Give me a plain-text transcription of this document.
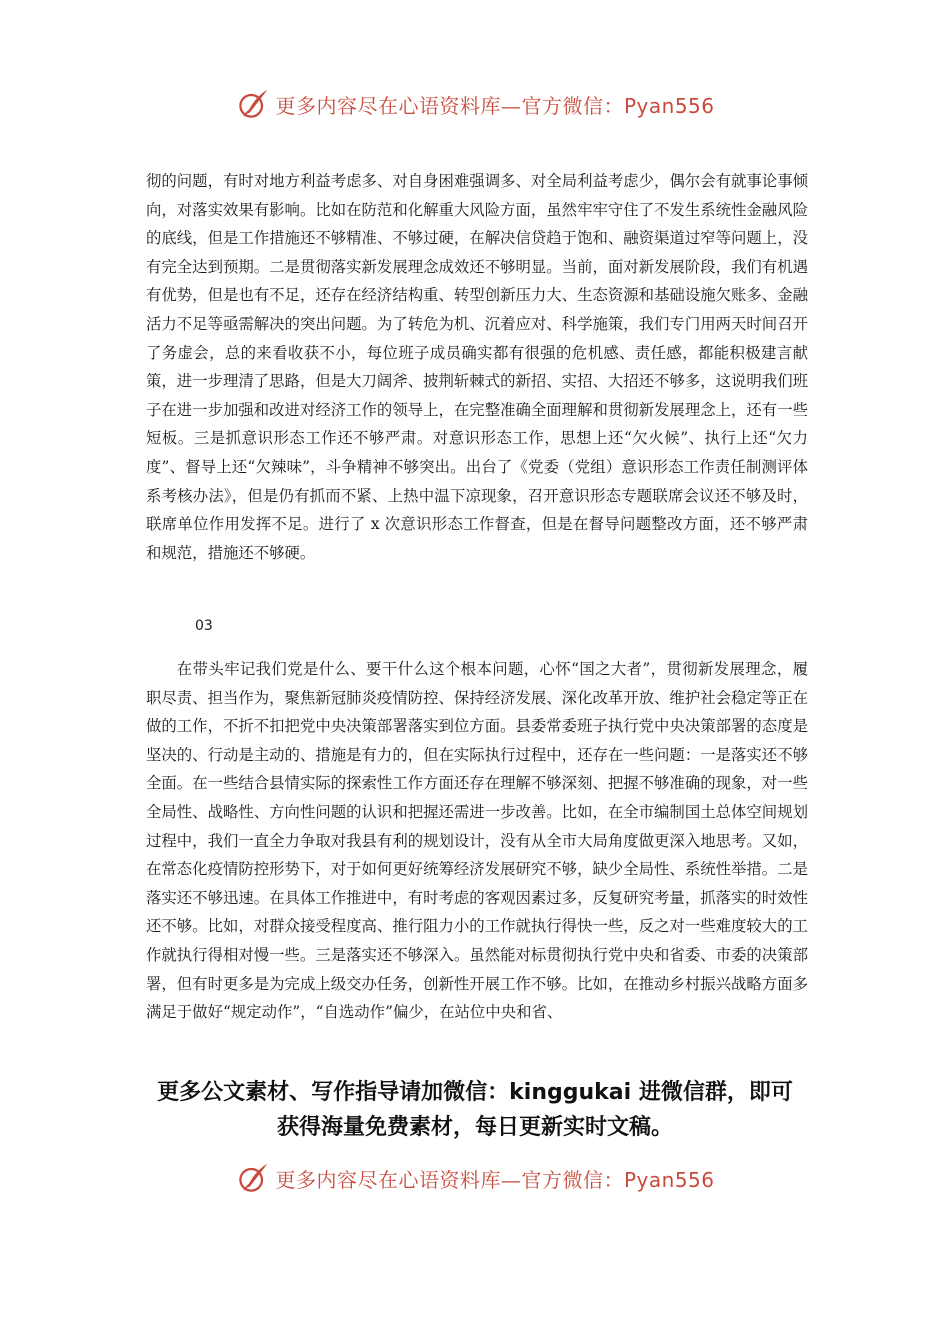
更多内容尽在心语资料库—官方微信：Pyan556

彻的问题，有时对地方利益考虑多、对自身困难强调多、对全局利益考虑少，偶尔会有就事论事倾向，对落实效果有影响。比如在防范和化解重大风险方面，虽然牢牢守住了不发生系统性金融风险的底线，但是工作措施还不够精准、不够过硬，在解决信贷趋于饱和、融资渠道过窄等问题上，没有完全达到预期。二是贯彻落实新发展理念成效还不够明显。当前，面对新发展阶段，我们有机遇有优势，但是也有不足，还存在经济结构重、转型创新压力大、生态资源和基础设施欠账多、金融活力不足等亟需解决的突出问题。为了转危为机、沉着应对、科学施策，我们专门用两天时间召开了务虚会，总的来看收获不小，每位班子成员确实都有很强的危机感、责任感，都能积极建言献策，进一步理清了思路，但是大刀阔斧、披荆斩棘式的新招、实招、大招还不够多，这说明我们班子在进一步加强和改进对经济工作的领导上，在完整准确全面理解和贯彻新发展理念上，还有一些短板。三是抓意识形态工作还不够严肃。对意识形态工作，思想上还“欠火候”、执行上还“欠力度”、督导上还“欠辣味”，斗争精神不够突出。出台了《党委（党组）意识形态工作责任制测评体系考核办法》，但是仍有抓而不紧、上热中温下凉现象，召开意识形态专题联席会议还不够及时，联席单位作用发挥不足。进行了 x 次意识形态工作督查，但是在督导问题整改方面，还不够严肃和规范，措施还不够硬。

03

在带头牢记我们党是什么、要干什么这个根本问题，心怀“国之大者”，贯彻新发展理念，履职尽责、担当作为，聚焦新冠肺炎疫情防控、保持经济发展、深化改革开放、维护社会稳定等正在做的工作，不折不扣把党中央决策部署落实到位方面。县委常委班子执行党中央决策部署的态度是坚决的、行动是主动的、措施是有力的，但在实际执行过程中，还存在一些问题：一是落实还不够全面。在一些结合县情实际的探索性工作方面还存在理解不够深刻、把握不够准确的现象，对一些全局性、战略性、方向性问题的认识和把握还需进一步改善。比如，在全市编制国土总体空间规划过程中，我们一直全力争取对我县有利的规划设计，没有从全市大局角度做更深入地思考。又如，在常态化疫情防控形势下，对于如何更好统筹经济发展研究不够，缺少全局性、系统性举措。二是落实还不够迅速。在具体工作推进中，有时考虑的客观因素过多，反复研究考量，抓落实的时效性还不够。比如，对群众接受程度高、推行阻力小的工作就执行得快一些，反之对一些难度较大的工作就执行得相对慢一些。三是落实还不够深入。虽然能对标贯彻执行党中央和省委、市委的决策部署，但有时更多是为完成上级交办任务，创新性开展工作不够。比如，在推动乡村振兴战略方面多满足于做好“规定动作”，“自选动作”偏少，在站位中央和省、

更多公文素材、写作指导请加微信：kinggukai 进微信群，即可
获得海量免费素材，每日更新实时文稿。

更多内容尽在心语资料库—官方微信：Pyan556
